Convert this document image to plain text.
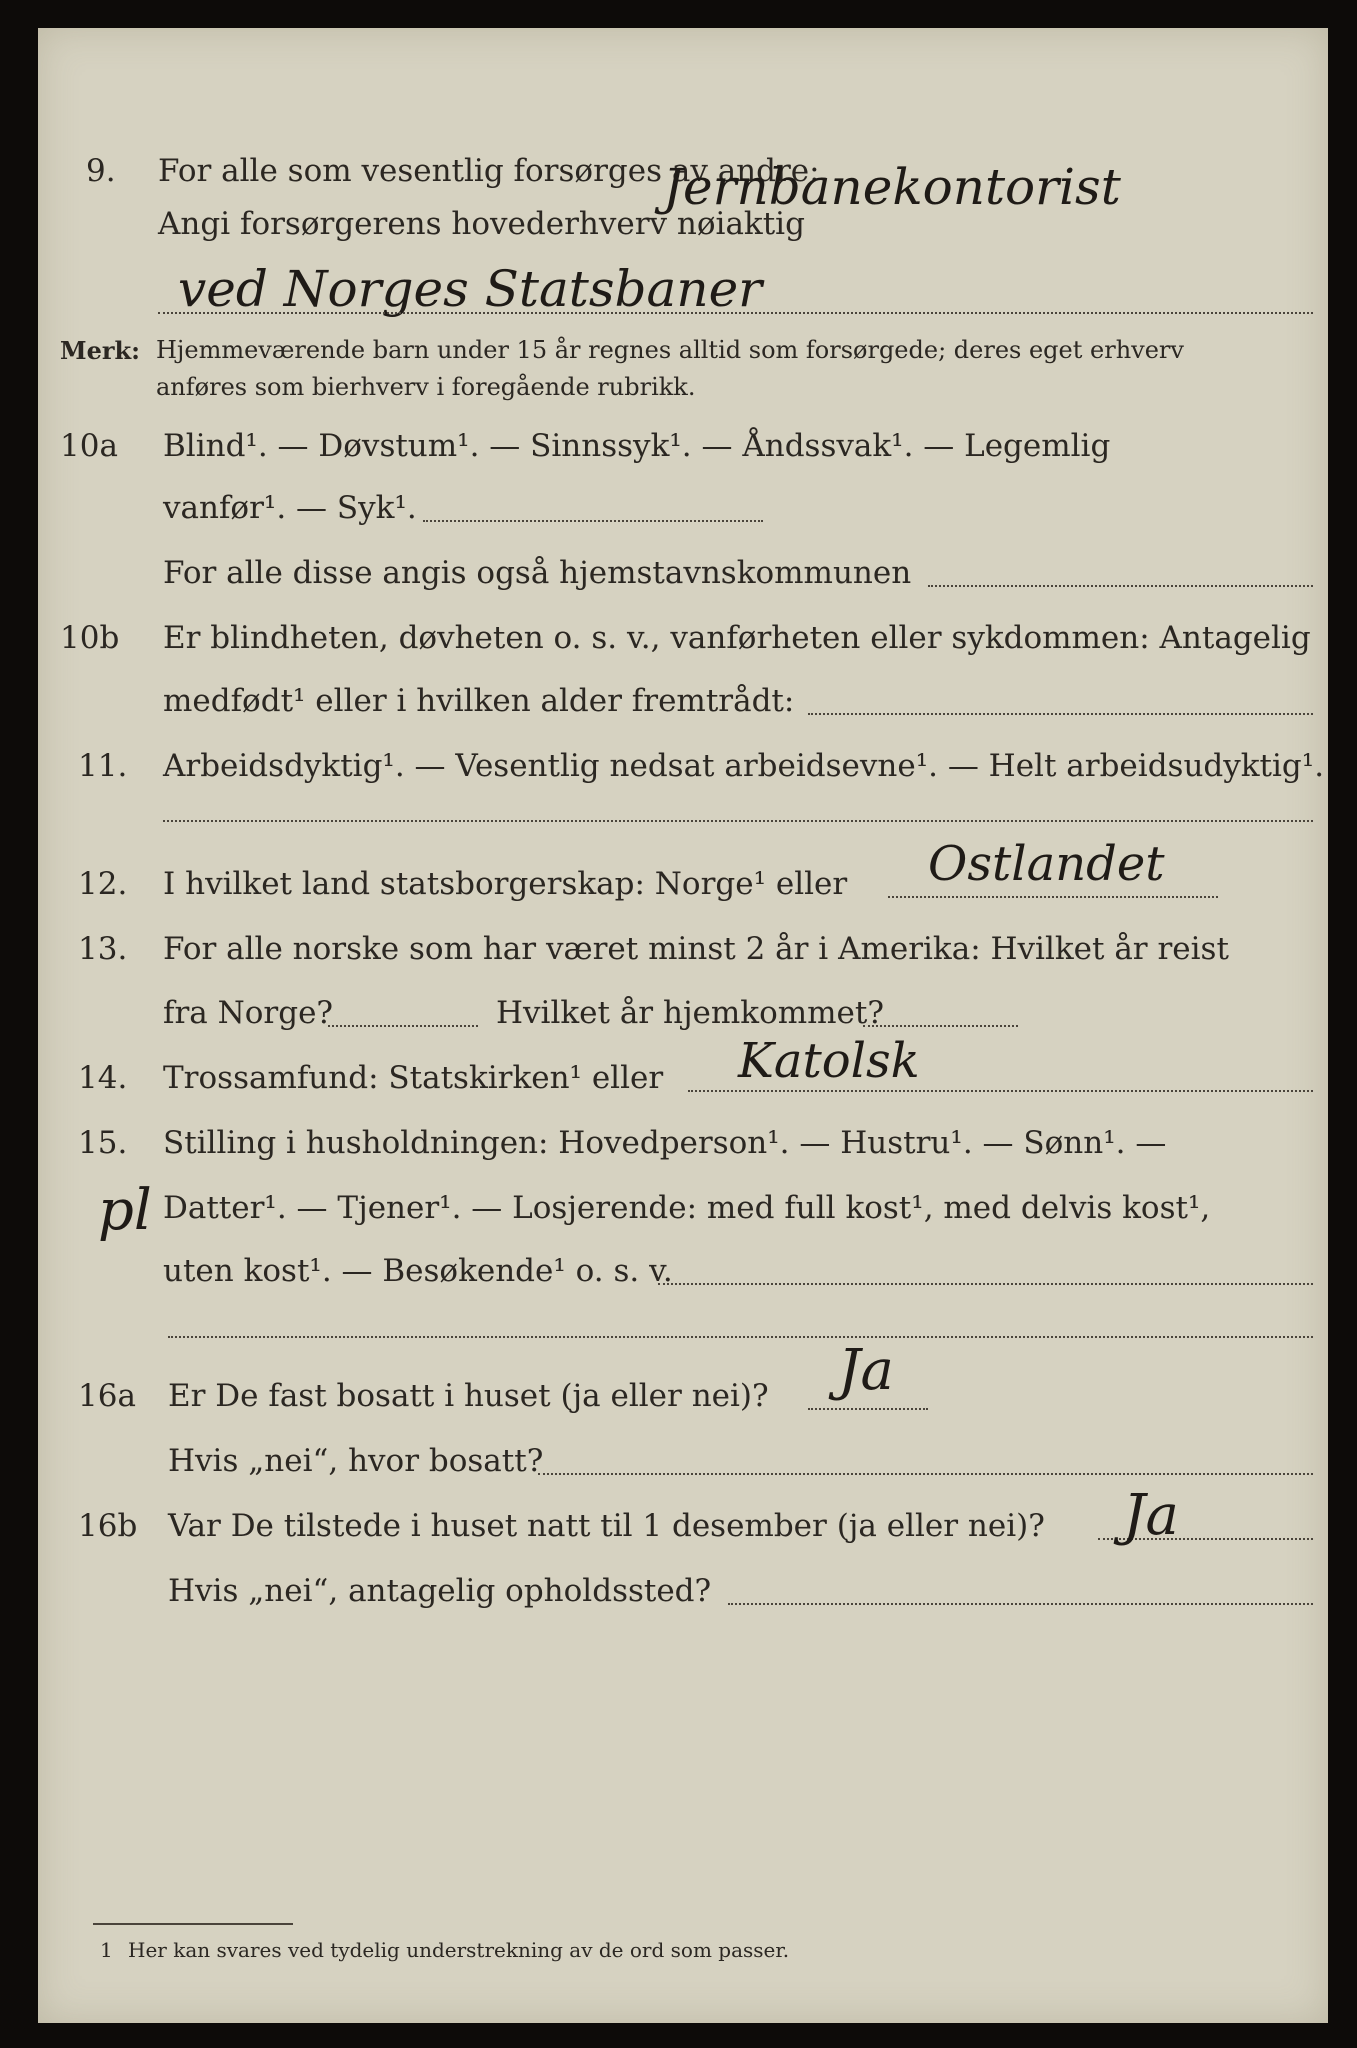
9. For alle som vesentlig forsørges av andre:
Angi forsørgerens hovederhverv nøiaktig
Jernbanekontorist
ved Norges Statsbaner
Merk: Hjemmeværende barn under 15 år regnes alltid som forsørgede; deres eget erhverv
anføres som bierhverv i foregående rubrikk.
10a Blind¹. — Døvstum¹. — Sinnssyk¹. — Åndssvak¹. — Legemlig
vanfør¹. — Syk¹.
For alle disse angis også hjemstavnskommunen
10b Er blindheten, døvheten o. s. v., vanførheten eller sykdommen: Antagelig
medfødt¹ eller i hvilken alder fremtrådt:
11. Arbeidsdyktig¹. — Vesentlig nedsat arbeidsevne¹. — Helt arbeidsudyktig¹.
12. I hvilket land statsborgerskap: Norge¹ eller Ostlandet
13. For alle norske som har været minst 2 år i Amerika: Hvilket år reist
fra Norge?	Hvilket år hjemkommet?
14. Trossamfund: Statskirken¹ eller Katolsk
15. Stilling i husholdningen: Hovedperson¹. — Hustru¹. — Sønn¹. —
Datter¹. — Tjener¹. — Losjerende: med full kost¹, med delvis kost¹,
pl
uten kost¹. — Besøkende¹ o. s. v.
16a Er De fast bosatt i huset (ja eller nei)? Ja
Hvis „nei“, hvor bosatt?
16b Var De tilstede i huset natt til 1 desember (ja eller nei)? Ja
Hvis „nei“, antagelig opholdssted?
1 Her kan svares ved tydelig understrekning av de ord som passer.
